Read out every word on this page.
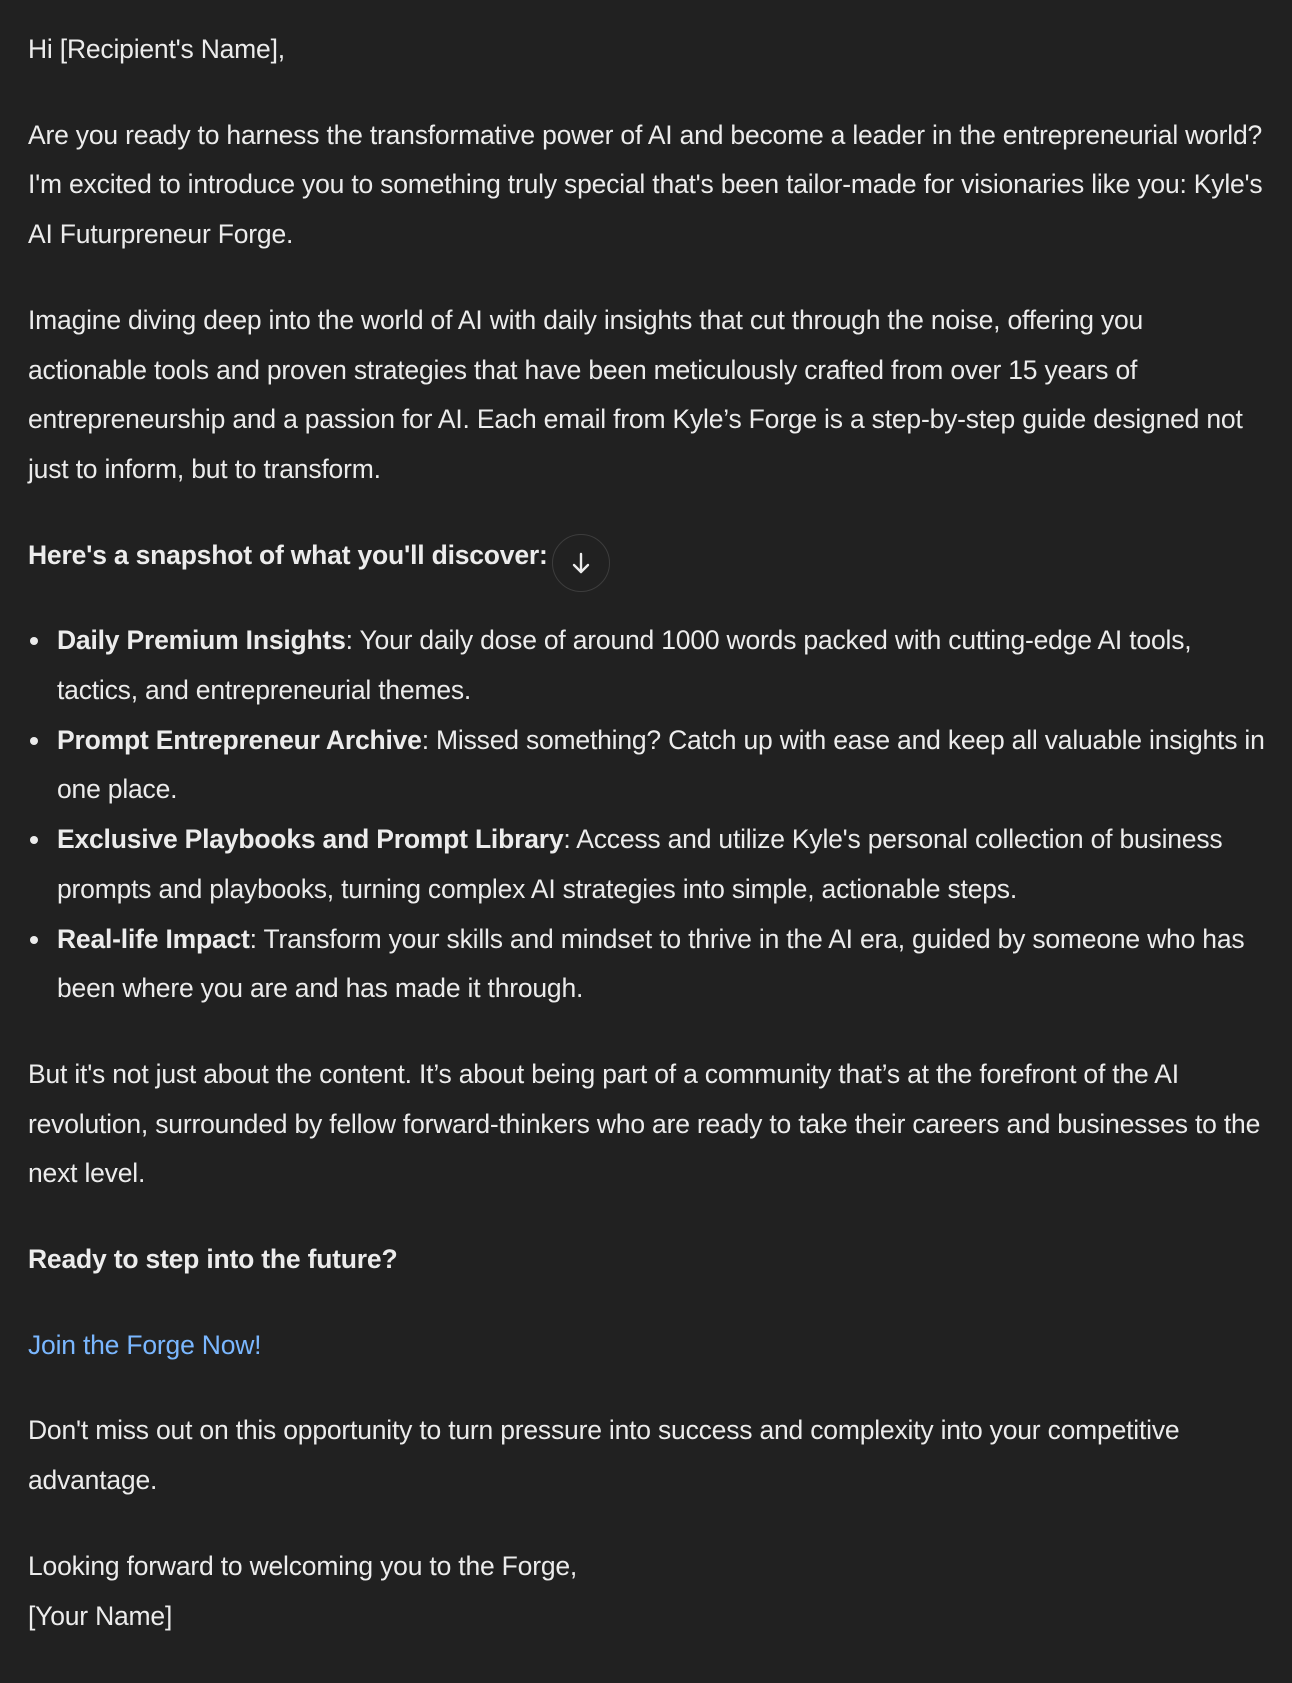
Hi [Recipient's Name],

Are you ready to harness the transformative power of AI and become a leader in the entrepreneurial world? I'm excited to introduce you to something truly special that's been tailor-made for visionaries like you: Kyle's AI Futurpreneur Forge.

Imagine diving deep into the world of AI with daily insights that cut through the noise, offering you actionable tools and proven strategies that have been meticulously crafted from over 15 years of entrepreneurship and a passion for AI. Each email from Kyle’s Forge is a step-by-step guide designed not just to inform, but to transform.

Here's a snapshot of what you'll discover:

Daily Premium Insights: Your daily dose of around 1000 words packed with cutting-edge AI tools, tactics, and entrepreneurial themes.
Prompt Entrepreneur Archive: Missed something? Catch up with ease and keep all valuable insights in one place.
Exclusive Playbooks and Prompt Library: Access and utilize Kyle's personal collection of business prompts and playbooks, turning complex AI strategies into simple, actionable steps.
Real-life Impact: Transform your skills and mindset to thrive in the AI era, guided by someone who has been where you are and has made it through.

But it's not just about the content. It’s about being part of a community that’s at the forefront of the AI revolution, surrounded by fellow forward-thinkers who are ready to take their careers and businesses to the next level.

Ready to step into the future?

Join the Forge Now!

Don't miss out on this opportunity to turn pressure into success and complexity into your competitive advantage.

Looking forward to welcoming you to the Forge,

[Your Name]
